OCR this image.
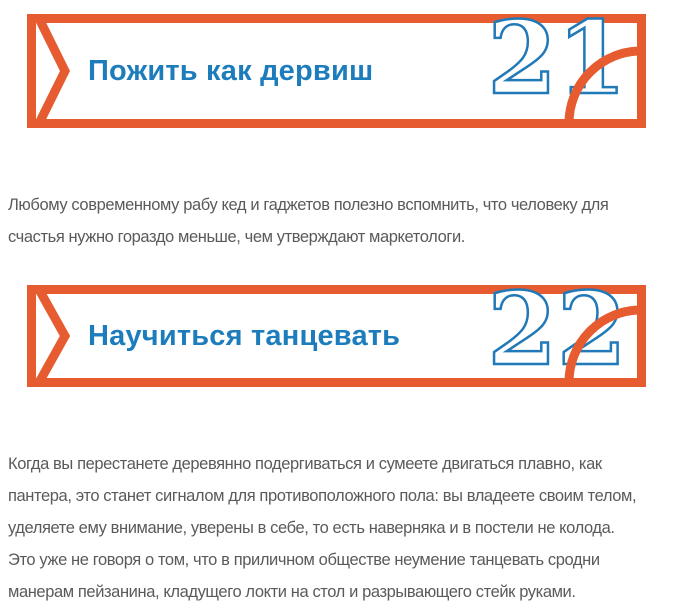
Пожить как дервиш 21

Любому современному рабу кед и гаджетов полезно вспомнить, что человеку для
счастья нужно гораздо меньше, чем утверждают маркетологи.

Научиться танцевать 22

Когда вы перестанете деревянно подергиваться и сумеете двигаться плавно, как
пантера, это станет сигналом для противоположного пола: вы владеете своим телом,
уделяете ему внимание, уверены в себе, то есть наверняка и в постели не колода.
Это уже не говоря о том, что в приличном обществе неумение танцевать сродни
манерам пейзанина, кладущего локти на стол и разрывающего стейк руками.
